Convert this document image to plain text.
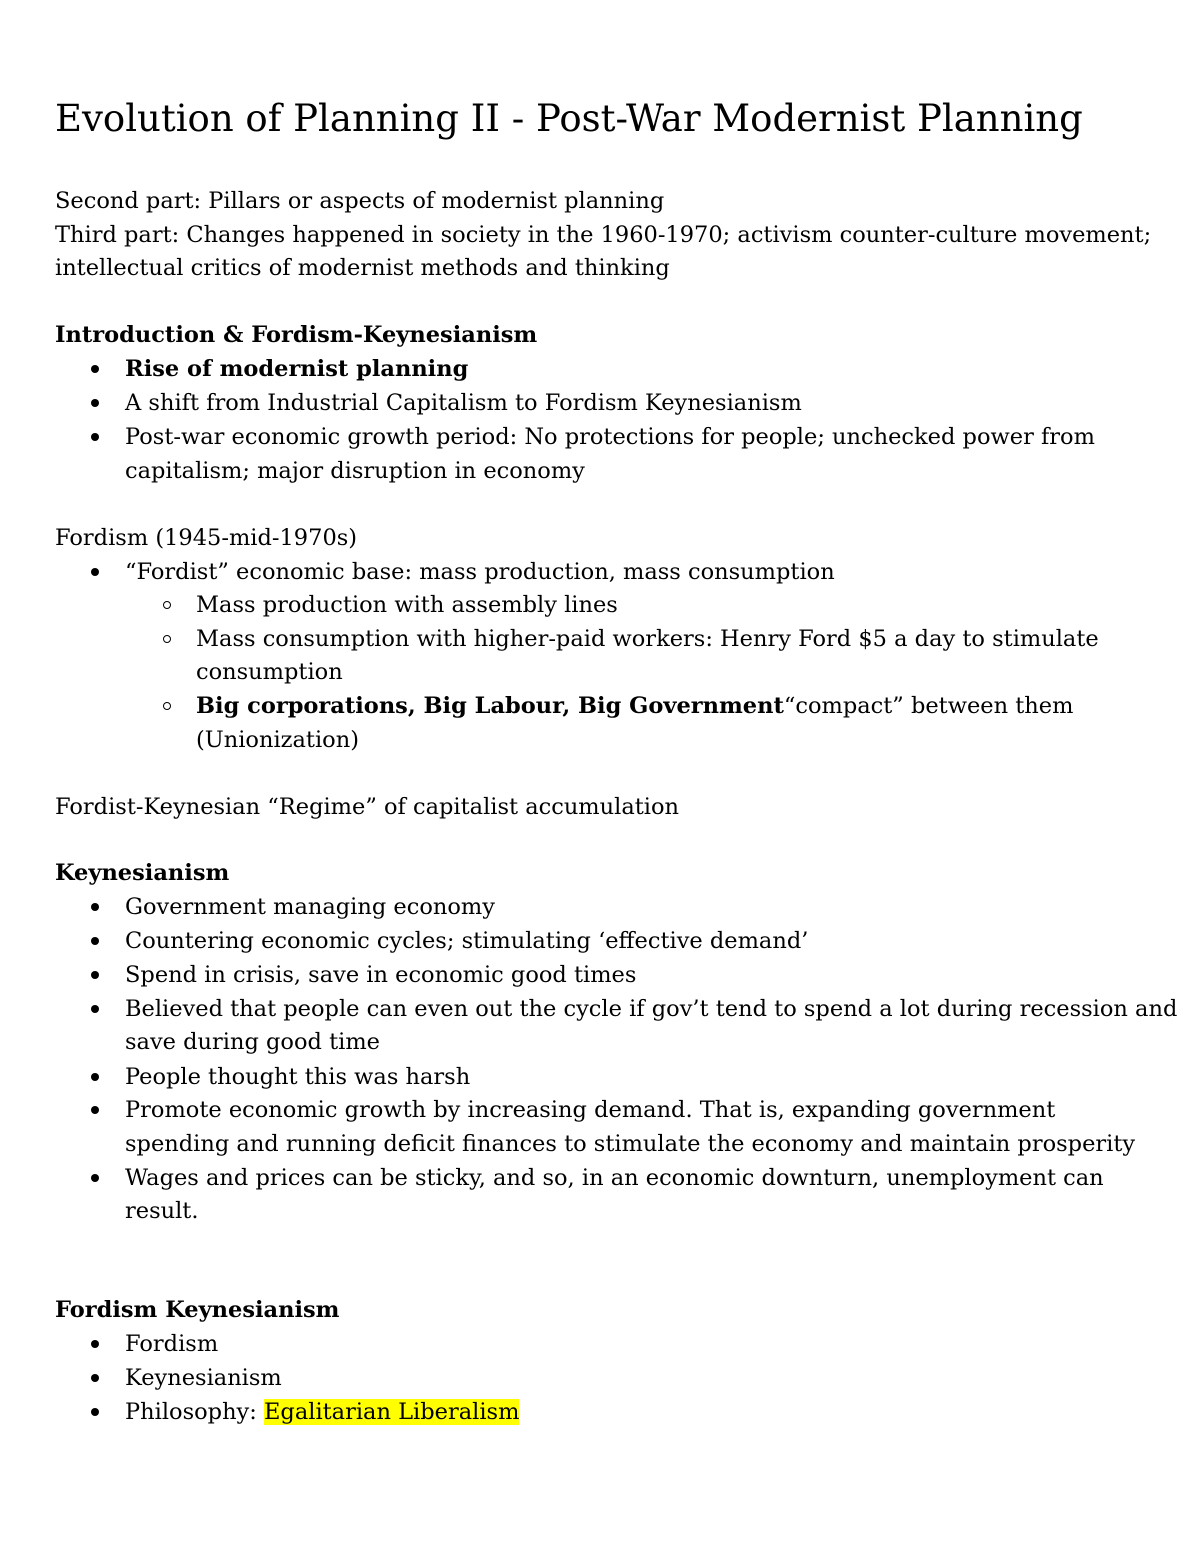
Evolution of Planning II - Post-War Modernist Planning
Second part: Pillars or aspects of modernist planning
Third part: Changes happened in society in the 1960-1970; activism counter-culture movement;
intellectual critics of modernist methods and thinking
Introduction & Fordism-Keynesianism
Rise of modernist planning
A shift from Industrial Capitalism to Fordism Keynesianism
Post-war economic growth period: No protections for people; unchecked power from
capitalism; major disruption in economy
Fordism (1945-mid-1970s)
“Fordist” economic base: mass production, mass consumption
Mass production with assembly lines
Mass consumption with higher-paid workers: Henry Ford $5 a day to stimulate
consumption
Big corporations, Big Labour, Big Government“compact” between them
(Unionization)
Fordist-Keynesian “Regime” of capitalist accumulation
Keynesianism
Government managing economy
Countering economic cycles; stimulating ‘effective demand’
Spend in crisis, save in economic good times
Believed that people can even out the cycle if gov’t tend to spend a lot during recession and
save during good time
People thought this was harsh
Promote economic growth by increasing demand. That is, expanding government
spending and running deficit finances to stimulate the economy and maintain prosperity
Wages and prices can be sticky, and so, in an economic downturn, unemployment can
result.
Fordism Keynesianism
Fordism
Keynesianism
Philosophy: Egalitarian Liberalism
